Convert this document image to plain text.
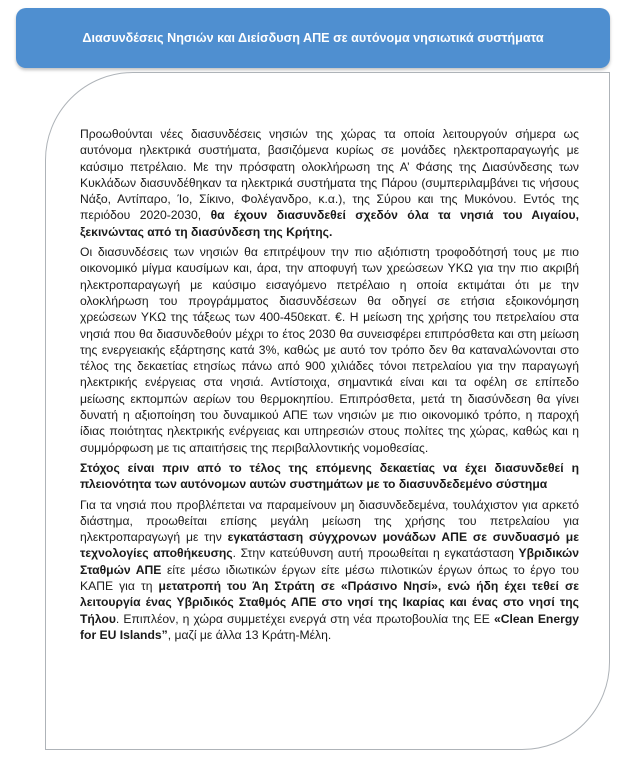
Διασυνδέσεις Νησιών και Διείσδυση ΑΠΕ σε αυτόνομα νησιωτικά συστήματα

Προωθούνται νέες διασυνδέσεις νησιών της χώρας τα οποία λειτουργούν σήμερα ως αυτόνομα ηλεκτρικά συστήματα, βασιζόμενα κυρίως σε μονάδες ηλεκτροπαραγωγής με καύσιμο πετρέλαιο. Με την πρόσφατη ολοκλήρωση της Α’ Φάσης της Διασύνδεσης των Κυκλάδων διασυνδέθηκαν τα ηλεκτρικά συστήματα της Πάρου (συμπεριλαμβάνει τις νήσους Νάξο, Αντίπαρο, Ίο, Σίκινο, Φολέγανδρο, κ.α.), της Σύρου και της Μυκόνου. Εντός της περιόδου 2020-2030, θα έχουν διασυνδεθεί σχεδόν όλα τα νησιά του Αιγαίου, ξεκινώντας από τη διασύνδεση της Κρήτης.

Οι διασυνδέσεις των νησιών θα επιτρέψουν την πιο αξιόπιστη τροφοδότησή τους με πιο οικονομικό μίγμα καυσίμων και, άρα, την αποφυγή των χρεώσεων ΥΚΩ για την πιο ακριβή ηλεκτροπαραγωγή με καύσιμο εισαγόμενο πετρέλαιο η οποία εκτιμάται ότι με την ολοκλήρωση του προγράμματος διασυνδέσεων θα οδηγεί σε ετήσια εξοικονόμηση χρεώσεων ΥΚΩ της τάξεως των 400-450εκατ. €. Η μείωση της χρήσης του πετρελαίου στα νησιά που θα διασυνδεθούν μέχρι το έτος 2030 θα συνεισφέρει επιπρόσθετα και στη μείωση της ενεργειακής εξάρτησης κατά 3%, καθώς με αυτό τον τρόπο δεν θα καταναλώνονται στο τέλος της δεκαετίας ετησίως πάνω από 900 χιλιάδες τόνοι πετρελαίου για την παραγωγή ηλεκτρικής ενέργειας στα νησιά. Αντίστοιχα, σημαντικά είναι και τα οφέλη σε επίπεδο μείωσης εκπομπών αερίων του θερμοκηπίου. Επιπρόσθετα, μετά τη διασύνδεση θα γίνει δυνατή η αξιοποίηση του δυναμικού ΑΠΕ των νησιών με πιο οικονομικό τρόπο, η παροχή ίδιας ποιότητας ηλεκτρικής ενέργειας και υπηρεσιών στους πολίτες της χώρας, καθώς και η συμμόρφωση με τις απαιτήσεις της περιβαλλοντικής νομοθεσίας.

Στόχος είναι πριν από το τέλος της επόμενης δεκαετίας να έχει διασυνδεθεί η πλειονότητα των αυτόνομων αυτών συστημάτων με το διασυνδεδεμένο σύστημα

Για τα νησιά που προβλέπεται να παραμείνουν μη διασυνδεδεμένα, τουλάχιστον για αρκετό διάστημα, προωθείται επίσης μεγάλη μείωση της χρήσης του πετρελαίου για ηλεκτροπαραγωγή με την εγκατάσταση σύγχρονων μονάδων ΑΠΕ σε συνδυασμό με τεχνολογίες αποθήκευσης. Στην κατεύθυνση αυτή προωθείται η εγκατάσταση Υβριδικών Σταθμών ΑΠΕ είτε μέσω ιδιωτικών έργων είτε μέσω πιλοτικών έργων όπως το έργο του ΚΑΠΕ για τη μετατροπή του Άη Στράτη σε «Πράσινο Νησί», ενώ ήδη έχει τεθεί σε λειτουργία ένας Υβριδικός Σταθμός ΑΠΕ στο νησί της Ικαρίας και ένας στο νησί της Τήλου. Επιπλέον, η χώρα συμμετέχει ενεργά στη νέα πρωτοβουλία της ΕΕ «Clean Energy for EU Islands”, μαζί με άλλα 13 Κράτη-Μέλη.
